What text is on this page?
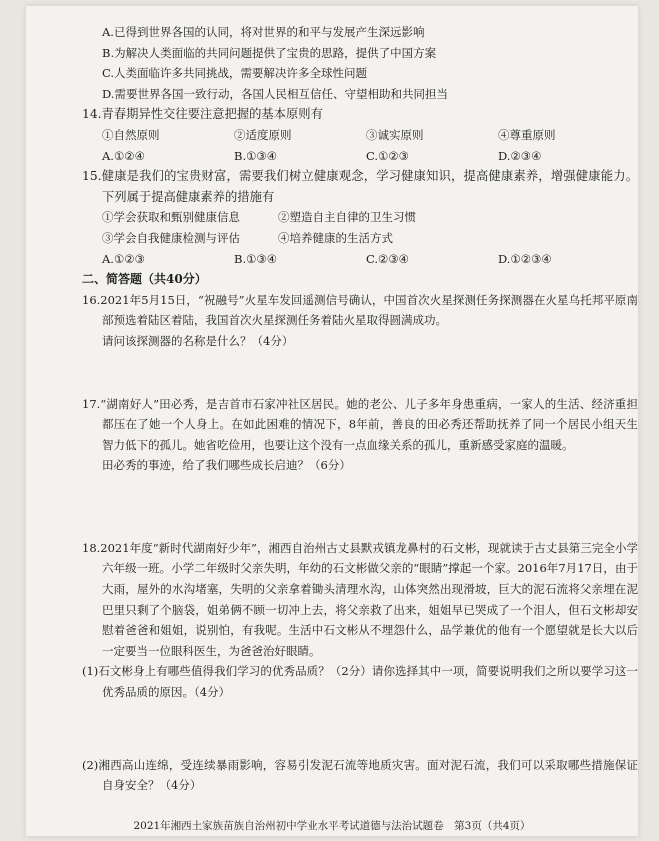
A.已得到世界各国的认同，将对世界的和平与发展产生深远影响
B.为解决人类面临的共同问题提供了宝贵的思路，提供了中国方案
C.人类面临许多共同挑战，需要解决许多全球性问题
D.需要世界各国一致行动，各国人民相互信任、守望相助和共同担当
14.青春期异性交往要注意把握的基本原则有
①自然原则	②适度原则	③诚实原则	④尊重原则
A.①②④	B.①③④	C.①②③	D.②③④
15.健康是我们的宝贵财富，需要我们树立健康观念，学习健康知识，提高健康素养，增强健康能力。下列属于提高健康素养的措施有
①学会获取和甄别健康信息	②塑造自主自律的卫生习惯
③学会自我健康检测与评估	④培养健康的生活方式
A.①②③	B.①③④	C.②③④	D.①②③④
二、简答题（共40分）
16.2021年5月15日，“祝融号”火星车发回遥测信号确认，中国首次火星探测任务探测器在火星乌托邦平原南部预选着陆区着陆，我国首次火星探测任务着陆火星取得圆满成功。
请问该探测器的名称是什么？（4分）
17.“湖南好人”田必秀，是吉首市石家冲社区居民。她的老公、儿子多年身患重病，一家人的生活、经济重担都压在了她一个人身上。在如此困难的情况下，8年前，善良的田必秀还帮助抚养了同一个居民小组天生智力低下的孤儿。她省吃俭用，也要让这个没有一点血缘关系的孤儿，重新感受家庭的温暖。
田必秀的事迹，给了我们哪些成长启迪？（6分）
18.2021年度“新时代湖南好少年”，湘西自治州古丈县默戎镇龙鼻村的石文彬，现就读于古丈县第三完全小学六年级一班。小学二年级时父亲失明，年幼的石文彬做父亲的“眼睛”撑起一个家。2016年7月17日，由于大雨，屋外的水沟堵塞，失明的父亲拿着锄头清理水沟，山体突然出现滑坡，巨大的泥石流将父亲埋在泥巴里只剩了个脑袋，姐弟俩不顾一切冲上去，将父亲救了出来，姐姐早已哭成了一个泪人，但石文彬却安慰着爸爸和姐姐，说别怕，有我呢。生活中石文彬从不埋怨什么，品学兼优的他有一个愿望就是长大以后一定要当一位眼科医生，为爸爸治好眼睛。
(1)石文彬身上有哪些值得我们学习的优秀品质？（2分）请你选择其中一项，简要说明我们之所以要学习这一优秀品质的原因。（4分）
(2)湘西高山连绵，受连续暴雨影响，容易引发泥石流等地质灾害。面对泥石流，我们可以采取哪些措施保证自身安全？（4分）
2021年湘西土家族苗族自治州初中学业水平考试道德与法治试题卷　第3页（共4页）
